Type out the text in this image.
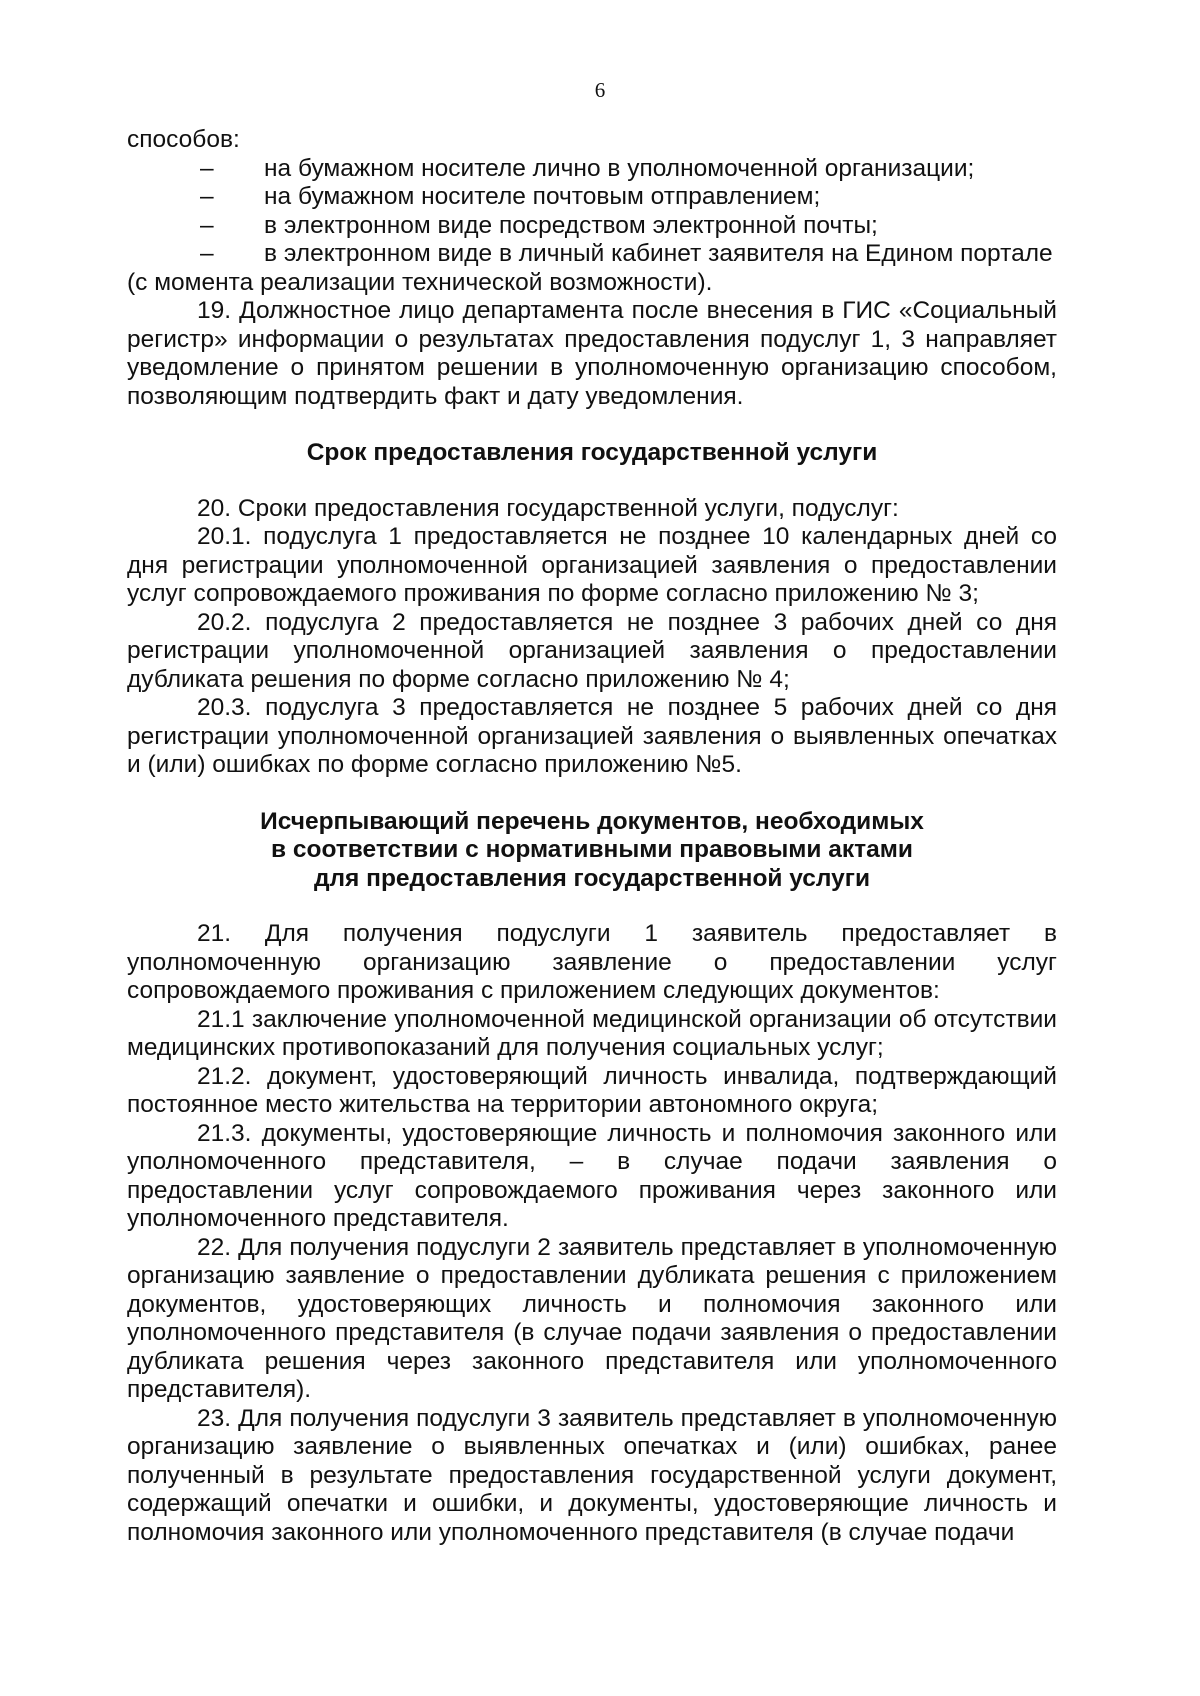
6

способов:

–	на бумажном носителе лично в уполномоченной организации;
–	на бумажном носителе почтовым отправлением;
–	в электронном виде посредством электронной почты;
–	в электронном виде в личный кабинет заявителя на Едином портале

(с момента реализации технической возможности).

19. Должностное лицо департамента после внесения в ГИС «Социальный регистр» информации о результатах предоставления подуслуг 1, 3 направляет уведомление о принятом решении в уполномоченную организацию способом, позволяющим подтвердить факт и дату уведомления.

Срок предоставления государственной услуги

20. Сроки предоставления государственной услуги, подуслуг:

20.1. подуслуга 1 предоставляется не позднее 10 календарных дней со дня регистрации уполномоченной организацией заявления о предоставлении услуг сопровождаемого проживания по форме согласно приложению № 3;

20.2. подуслуга 2 предоставляется не позднее 3 рабочих дней со дня регистрации уполномоченной организацией заявления о предоставлении дубликата решения по форме согласно приложению № 4;

20.3. подуслуга 3 предоставляется не позднее 5 рабочих дней со дня регистрации уполномоченной организацией заявления о выявленных опечатках и (или) ошибках по форме согласно приложению №5.

Исчерпывающий перечень документов, необходимых

в соответствии с нормативными правовыми актами

для предоставления государственной услуги

21. Для получения подуслуги 1 заявитель предоставляет в уполномоченную организацию заявление о предоставлении услуг сопровождаемого проживания с приложением следующих документов:

21.1 заключение уполномоченной медицинской организации об отсутствии медицинских противопоказаний для получения социальных услуг;

21.2. документ, удостоверяющий личность инвалида, подтверждающий постоянное место жительства на территории автономного округа;

21.3. документы, удостоверяющие личность и полномочия законного или уполномоченного представителя, – в случае подачи заявления о предоставлении услуг сопровождаемого проживания через законного или уполномоченного представителя.

22. Для получения подуслуги 2 заявитель представляет в уполномоченную организацию заявление о предоставлении дубликата решения с приложением документов, удостоверяющих личность и полномочия законного или уполномоченного представителя (в случае подачи заявления о предоставлении дубликата решения через законного представителя или уполномоченного представителя).

23. Для получения подуслуги 3 заявитель представляет в уполномоченную организацию заявление о выявленных опечатках и (или) ошибках, ранее полученный в результате предоставления государственной услуги документ, содержащий опечатки и ошибки, и документы, удостоверяющие личность и полномочия законного или уполномоченного представителя (в случае подачи
